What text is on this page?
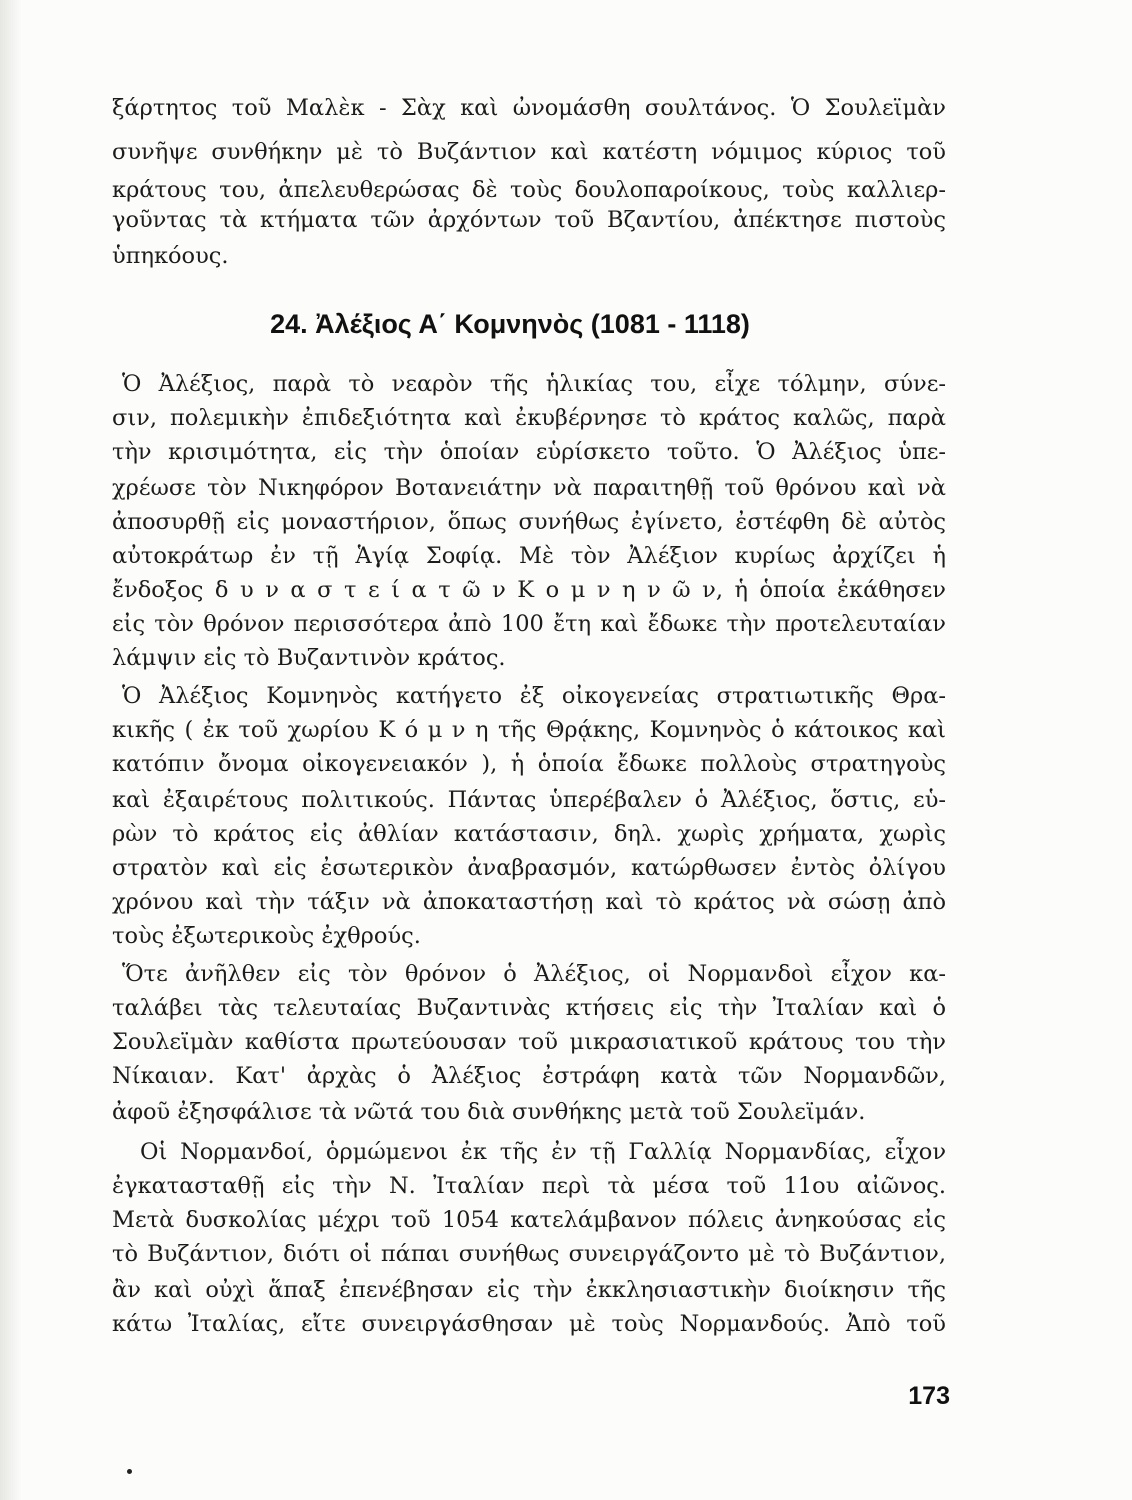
ξάρτητος τοῦ Μαλὲκ - Σὰχ καὶ ὠνομάσθη σουλτάνος. Ὁ Σουλεϊμὰν
συνῆψε συνθήκην μὲ τὸ Βυζάντιον καὶ κατέστη νόμιμος κύριος τοῦ
κράτους του, ἀπελευθερώσας δὲ τοὺς δουλοπαροίκους, τοὺς καλλιερ-
γοῦντας τὰ κτήματα τῶν ἀρχόντων τοῦ Βζαντίου, ἀπέκτησε πιστοὺς
ὑπηκόους.
24. Ἀλέξιος Α΄ Κομνηνὸς (1081 - 1118)
Ὁ Ἀλέξιος, παρὰ τὸ νεαρὸν τῆς ἡλικίας του, εἶχε τόλμην, σύνε-
σιν, πολεμικὴν ἐπιδεξιότητα καὶ ἐκυβέρνησε τὸ κράτος καλῶς, παρὰ
τὴν κρισιμότητα, εἰς τὴν ὁποίαν εὑρίσκετο τοῦτο. Ὁ Ἀλέξιος ὑπε-
χρέωσε τὸν Νικηφόρον Βοτανειάτην νὰ παραιτηθῇ τοῦ θρόνου καὶ νὰ
ἀποσυρθῇ εἰς μοναστήριον, ὅπως συνήθως ἐγίνετο, ἐστέφθη δὲ αὐτὸς
αὐτοκράτωρ ἐν τῇ Ἁγίᾳ Σοφίᾳ. Μὲ τὸν Ἀλέξιον κυρίως ἀρχίζει ἡ
ἔνδοξος δ υ ν α σ τ ε ί α τ ῶ ν Κ ο μ ν η ν ῶ ν, ἡ ὁποία ἐκάθησεν
εἰς τὸν θρόνον περισσότερα ἀπὸ 100 ἔτη καὶ ἔδωκε τὴν προτελευταίαν
λάμψιν εἰς τὸ Βυζαντινὸν κράτος.
Ὁ Ἀλέξιος Κομνηνὸς κατήγετο ἐξ οἰκογενείας στρατιωτικῆς Θρα-
κικῆς ( ἐκ τοῦ χωρίου Κ ό μ ν η τῆς Θρᾴκης, Κομνηνὸς ὁ κάτοικος καὶ
κατόπιν ὄνομα οἰκογενειακόν ), ἡ ὁποία ἔδωκε πολλοὺς στρατηγοὺς
καὶ ἐξαιρέτους πολιτικούς. Πάντας ὑπερέβαλεν ὁ Ἀλέξιος, ὅστις, εὑ-
ρὼν τὸ κράτος εἰς ἀθλίαν κατάστασιν, δηλ. χωρὶς χρήματα, χωρὶς
στρατὸν καὶ εἰς ἐσωτερικὸν ἀναβρασμόν, κατώρθωσεν ἐντὸς ὀλίγου
χρόνου καὶ τὴν τάξιν νὰ ἀποκαταστήσῃ καὶ τὸ κράτος νὰ σώσῃ ἀπὸ
τοὺς ἐξωτερικοὺς ἐχθρούς.
Ὅτε ἀνῆλθεν εἰς τὸν θρόνον ὁ Ἀλέξιος, οἱ Νορμανδοὶ εἶχον κα-
ταλάβει τὰς τελευταίας Βυζαντινὰς κτήσεις εἰς τὴν Ἰταλίαν καὶ ὁ
Σουλεϊμὰν καθίστα πρωτεύουσαν τοῦ μικρασιατικοῦ κράτους του τὴν
Νίκαιαν. Κατ' ἀρχὰς ὁ Ἀλέξιος ἐστράφη κατὰ τῶν Νορμανδῶν,
ἀφοῦ ἐξησφάλισε τὰ νῶτά του διὰ συνθήκης μετὰ τοῦ Σουλεϊμάν.
Οἱ Νορμανδοί, ὁρμώμενοι ἐκ τῆς ἐν τῇ Γαλλίᾳ Νορμανδίας, εἶχον
ἐγκατασταθῇ εἰς τὴν Ν. Ἰταλίαν περὶ τὰ μέσα τοῦ 11ου αἰῶνος.
Μετὰ δυσκολίας μέχρι τοῦ 1054 κατελάμβανον πόλεις ἀνηκούσας εἰς
τὸ Βυζάντιον, διότι οἱ πάπαι συνήθως συνειργάζοντο μὲ τὸ Βυζάντιον,
ἂν καὶ οὐχὶ ἅπαξ ἐπενέβησαν εἰς τὴν ἐκκλησιαστικὴν διοίκησιν τῆς
κάτω Ἰταλίας, εἴτε συνειργάσθησαν μὲ τοὺς Νορμανδούς. Ἀπὸ τοῦ
173
